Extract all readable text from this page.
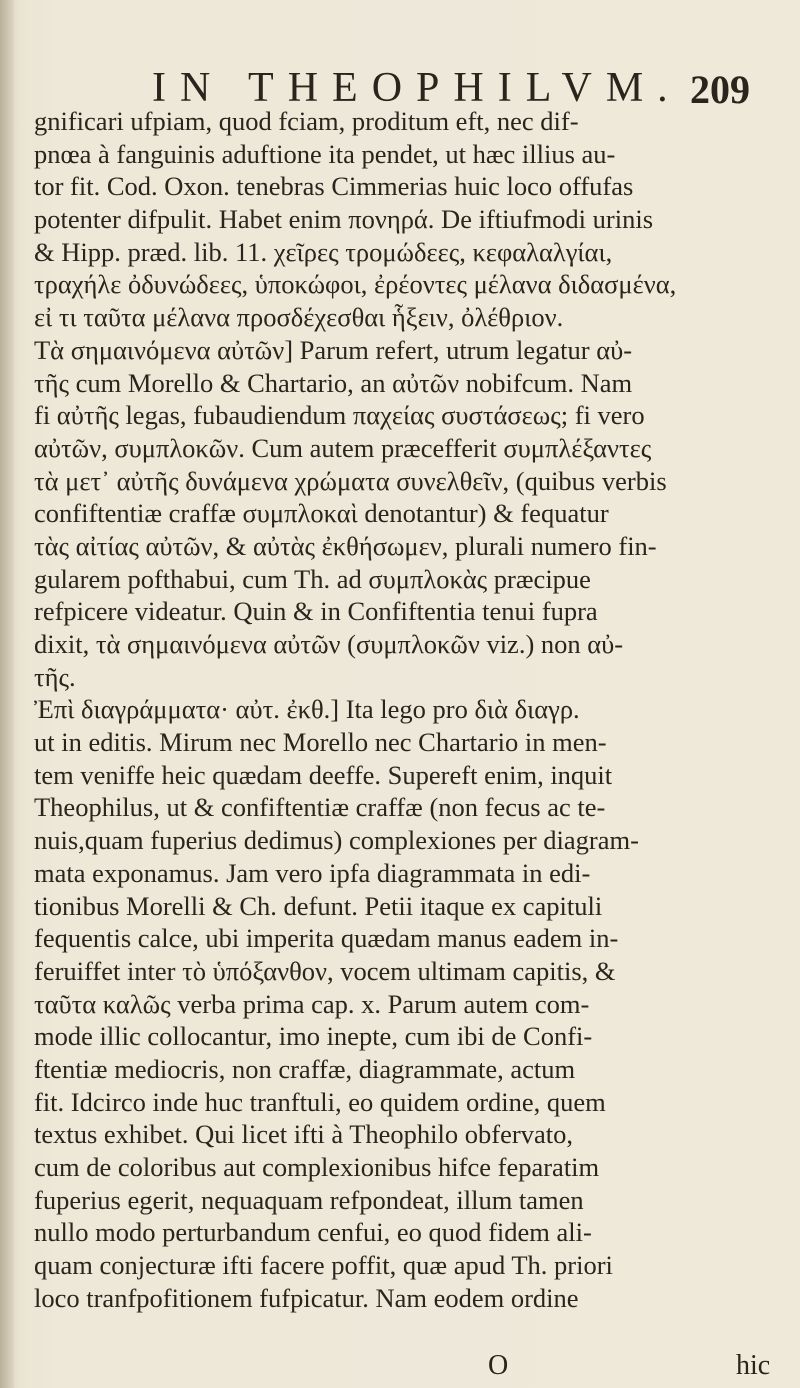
IN THEOPHILVM. 209
gnificari ufpiam, quod fciam, proditum eft, nec dif-
pnœa à fanguinis aduftione ita pendet, ut hæc illius au-
tor fit. Cod. Oxon. tenebras Cimmerias huic loco offufas
potenter difpulit. Habet enim πονηρά. De iftiufmodi urinis
& Hipp. præd. lib. 11. χεῖρες τρομώδεες, κεφαλαλγίαι,
τραχήλε ὀδυνώδεες, ὑποκώφοι, ἐρέοντες μέλανα διδασμένα,
εἰ τι ταῦτα μέλανα προσδέχεσθαι ἧξειν, ὀλέθριον.
Τὰ σημαινόμενα αὐτῶν] Parum refert, utrum legatur αὐ-
τῆς cum Morello & Chartario, an αὐτῶν nobifcum. Nam
fi αὐτῆς legas, fubaudiendum παχείας συστάσεως; fi vero
αὐτῶν, συμπλοκῶν. Cum autem præcefferit συμπλέξαντες
τὰ μετ᾽ αὐτῆς δυνάμενα χρώματα συνελθεῖν, (quibus verbis
confiftentiæ craffæ συμπλοκαὶ denotantur) & fequatur
τὰς αἰτίας αὐτῶν, & αὐτὰς ἐκθήσωμεν, plurali numero fin-
gularem pofthabui, cum Th. ad συμπλοκὰς præcipue
refpicere videatur. Quin & in Confiftentia tenui fupra
dixit, τὰ σημαινόμενα αὐτῶν (συμπλοκῶν viz.) non αὐ-
τῆς.
Ἐπὶ διαγράμματα· αὐτ. ἐκθ.] Ita lego pro διὰ διαγρ.
ut in editis. Mirum nec Morello nec Chartario in men-
tem veniffe heic quædam deeffe. Supereft enim, inquit
Theophilus, ut & confiftentiæ craffæ (non fecus ac te-
nuis,quam fuperius dedimus) complexiones per diagram-
mata exponamus. Jam vero ipfa diagrammata in edi-
tionibus Morelli & Ch. defunt. Petii itaque ex capituli
fequentis calce, ubi imperita quædam manus eadem in-
feruiffet inter τὸ ὑπόξανθον, vocem ultimam capitis, &
ταῦτα καλῶς verba prima cap. x. Parum autem com-
mode illic collocantur, imo inepte, cum ibi de Confi-
ftentiæ mediocris, non craffæ, diagrammate, actum
fit. Idcirco inde huc tranftuli, eo quidem ordine, quem
textus exhibet. Qui licet ifti à Theophilo obfervato,
cum de coloribus aut complexionibus hifce feparatim
fuperius egerit, nequaquam refpondeat, illum tamen
nullo modo perturbandum cenfui, eo quod fidem ali-
quam conjecturæ ifti facere poffit, quæ apud Th. priori
loco tranfpofitionem fufpicatur. Nam eodem ordine
O	hic
